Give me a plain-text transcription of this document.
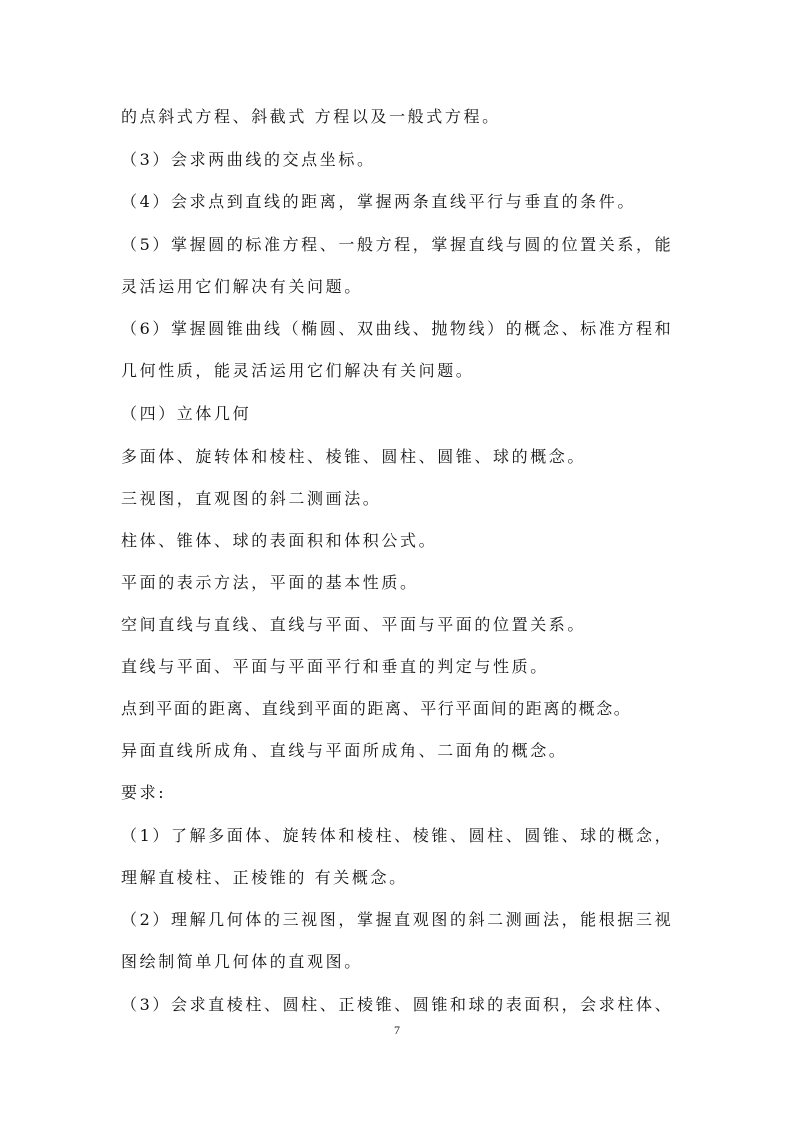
的点斜式方程、斜截式 方程以及一般式方程。
（3）会求两曲线的交点坐标。
（4）会求点到直线的距离，掌握两条直线平行与垂直的条件。
（5）掌握圆的标准方程、一般方程，掌握直线与圆的位置关系，能
灵活运用它们解决有关问题。
（6）掌握圆锥曲线（椭圆、双曲线、抛物线）的概念、标准方程和
几何性质，能灵活运用它们解决有关问题。
（四）立体几何
多面体、旋转体和棱柱、棱锥、圆柱、圆锥、球的概念。
三视图，直观图的斜二测画法。
柱体、锥体、球的表面积和体积公式。
平面的表示方法，平面的基本性质。
空间直线与直线、直线与平面、平面与平面的位置关系。
直线与平面、平面与平面平行和垂直的判定与性质。
点到平面的距离、直线到平面的距离、平行平面间的距离的概念。
异面直线所成角、直线与平面所成角、二面角的概念。
要求:
（1）了解多面体、旋转体和棱柱、棱锥、圆柱、圆锥、球的概念，
理解直棱柱、正棱锥的 有关概念。
（2）理解几何体的三视图，掌握直观图的斜二测画法，能根据三视
图绘制简单几何体的直观图。
（3）会求直棱柱、圆柱、正棱锥、圆锥和球的表面积，会求柱体、
7
